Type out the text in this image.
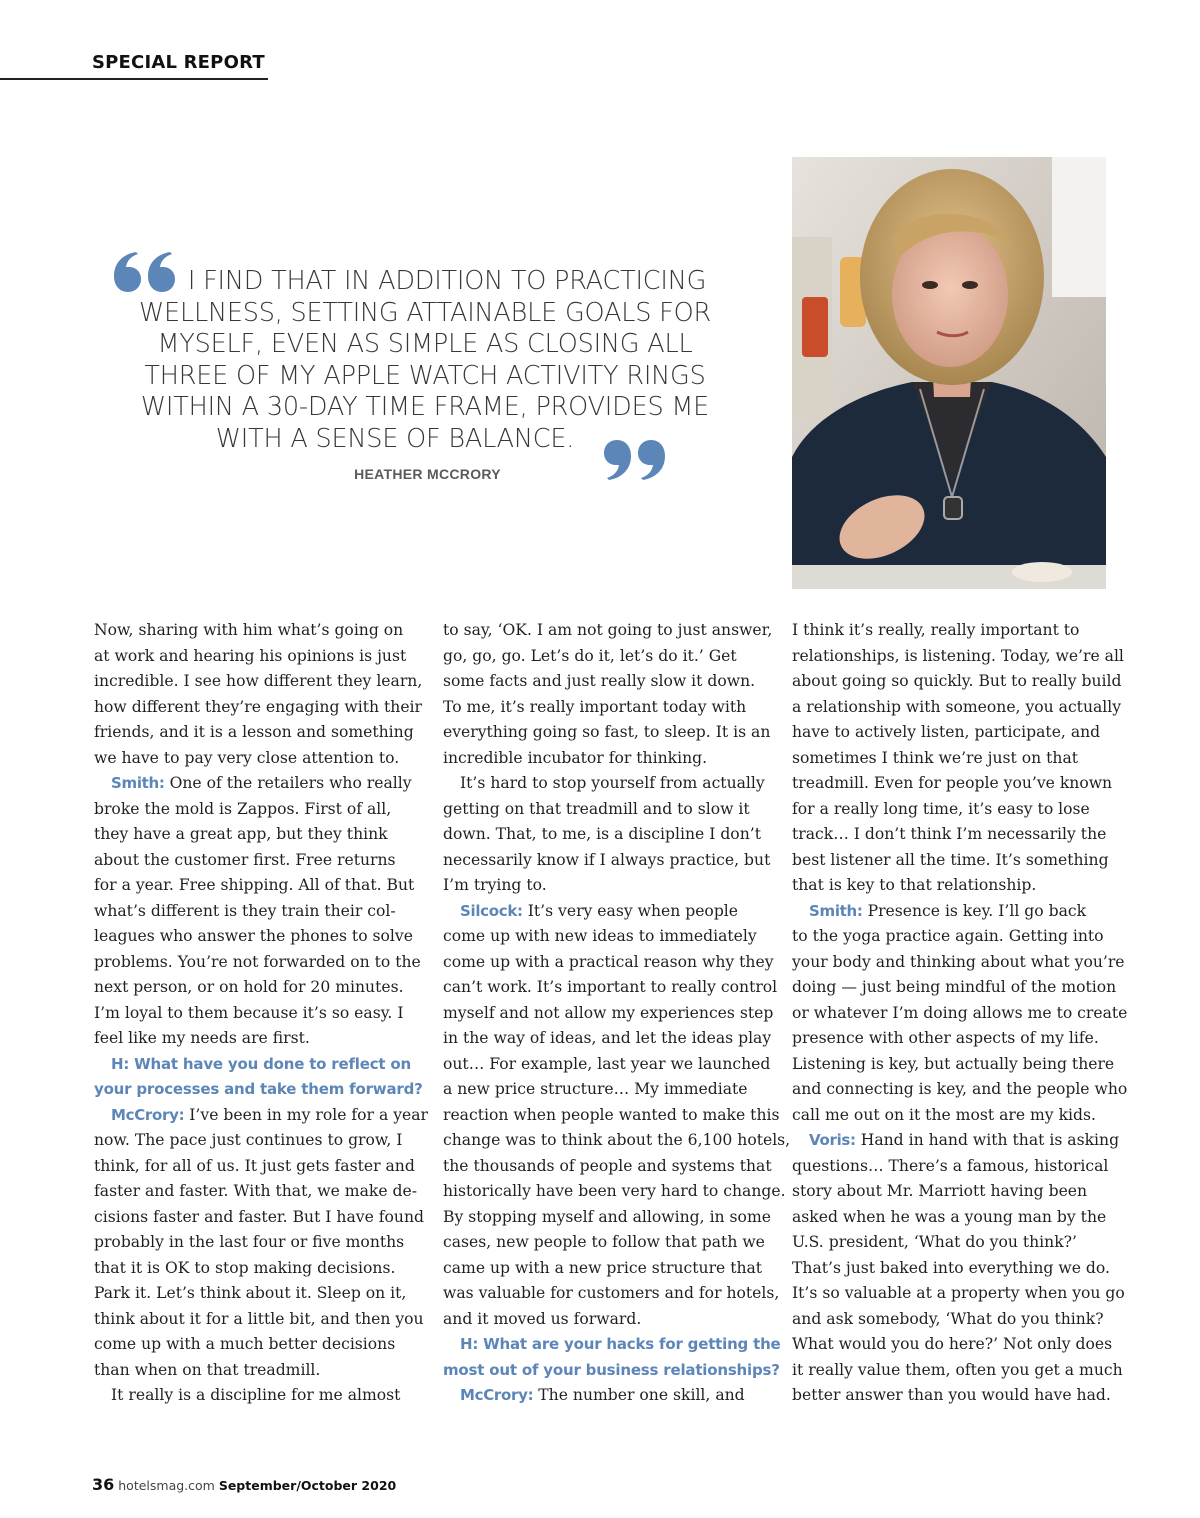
SPECIAL REPORT
I FIND THAT IN ADDITION TO PRACTICING
WELLNESS, SETTING ATTAINABLE GOALS FOR
MYSELF, EVEN AS SIMPLE AS CLOSING ALL
THREE OF MY APPLE WATCH ACTIVITY RINGS
WITHIN A 30-DAY TIME FRAME, PROVIDES ME
WITH A SENSE OF BALANCE.
HEATHER MCCRORY
Now, sharing with him what’s going on
at work and hearing his opinions is just
incredible. I see how different they learn,
how different they’re engaging with their
friends, and it is a lesson and something
we have to pay very close attention to.
Smith: One of the retailers who really
broke the mold is Zappos. First of all,
they have a great app, but they think
about the customer first. Free returns
for a year. Free shipping. All of that. But
what’s different is they train their col-
leagues who answer the phones to solve
problems. You’re not forwarded on to the
next person, or on hold for 20 minutes.
I’m loyal to them because it’s so easy. I
feel like my needs are first.
H: What have you done to reflect on
your processes and take them forward?
McCrory: I’ve been in my role for a year
now. The pace just continues to grow, I
think, for all of us. It just gets faster and
faster and faster. With that, we make de-
cisions faster and faster. But I have found
probably in the last four or five months
that it is OK to stop making decisions.
Park it. Let’s think about it. Sleep on it,
think about it for a little bit, and then you
come up with a much better decisions
than when on that treadmill.
It really is a discipline for me almost
to say, ‘OK. I am not going to just answer,
go, go, go. Let’s do it, let’s do it.’ Get
some facts and just really slow it down.
To me, it’s really important today with
everything going so fast, to sleep. It is an
incredible incubator for thinking.
It’s hard to stop yourself from actually
getting on that treadmill and to slow it
down. That, to me, is a discipline I don’t
necessarily know if I always practice, but
I’m trying to.
Silcock: It’s very easy when people
come up with new ideas to immediately
come up with a practical reason why they
can’t work. It’s important to really control
myself and not allow my experiences step
in the way of ideas, and let the ideas play
out… For example, last year we launched
a new price structure… My immediate
reaction when people wanted to make this
change was to think about the 6,100 hotels,
the thousands of people and systems that
historically have been very hard to change.
By stopping myself and allowing, in some
cases, new people to follow that path we
came up with a new price structure that
was valuable for customers and for hotels,
and it moved us forward.
H: What are your hacks for getting the
most out of your business relationships?
McCrory: The number one skill, and
I think it’s really, really important to
relationships, is listening. Today, we’re all
about going so quickly. But to really build
a relationship with someone, you actually
have to actively listen, participate, and
sometimes I think we’re just on that
treadmill. Even for people you’ve known
for a really long time, it’s easy to lose
track… I don’t think I’m necessarily the
best listener all the time. It’s something
that is key to that relationship.
Smith: Presence is key. I’ll go back
to the yoga practice again. Getting into
your body and thinking about what you’re
doing — just being mindful of the motion
or whatever I’m doing allows me to create
presence with other aspects of my life.
Listening is key, but actually being there
and connecting is key, and the people who
call me out on it the most are my kids.
Voris: Hand in hand with that is asking
questions… There’s a famous, historical
story about Mr. Marriott having been
asked when he was a young man by the
U.S. president, ‘What do you think?’
That’s just baked into everything we do.
It’s so valuable at a property when you go
and ask somebody, ‘What do you think?
What would you do here?’ Not only does
it really value them, often you get a much
better answer than you would have had.
36 hotelsmag.com September/October 2020
